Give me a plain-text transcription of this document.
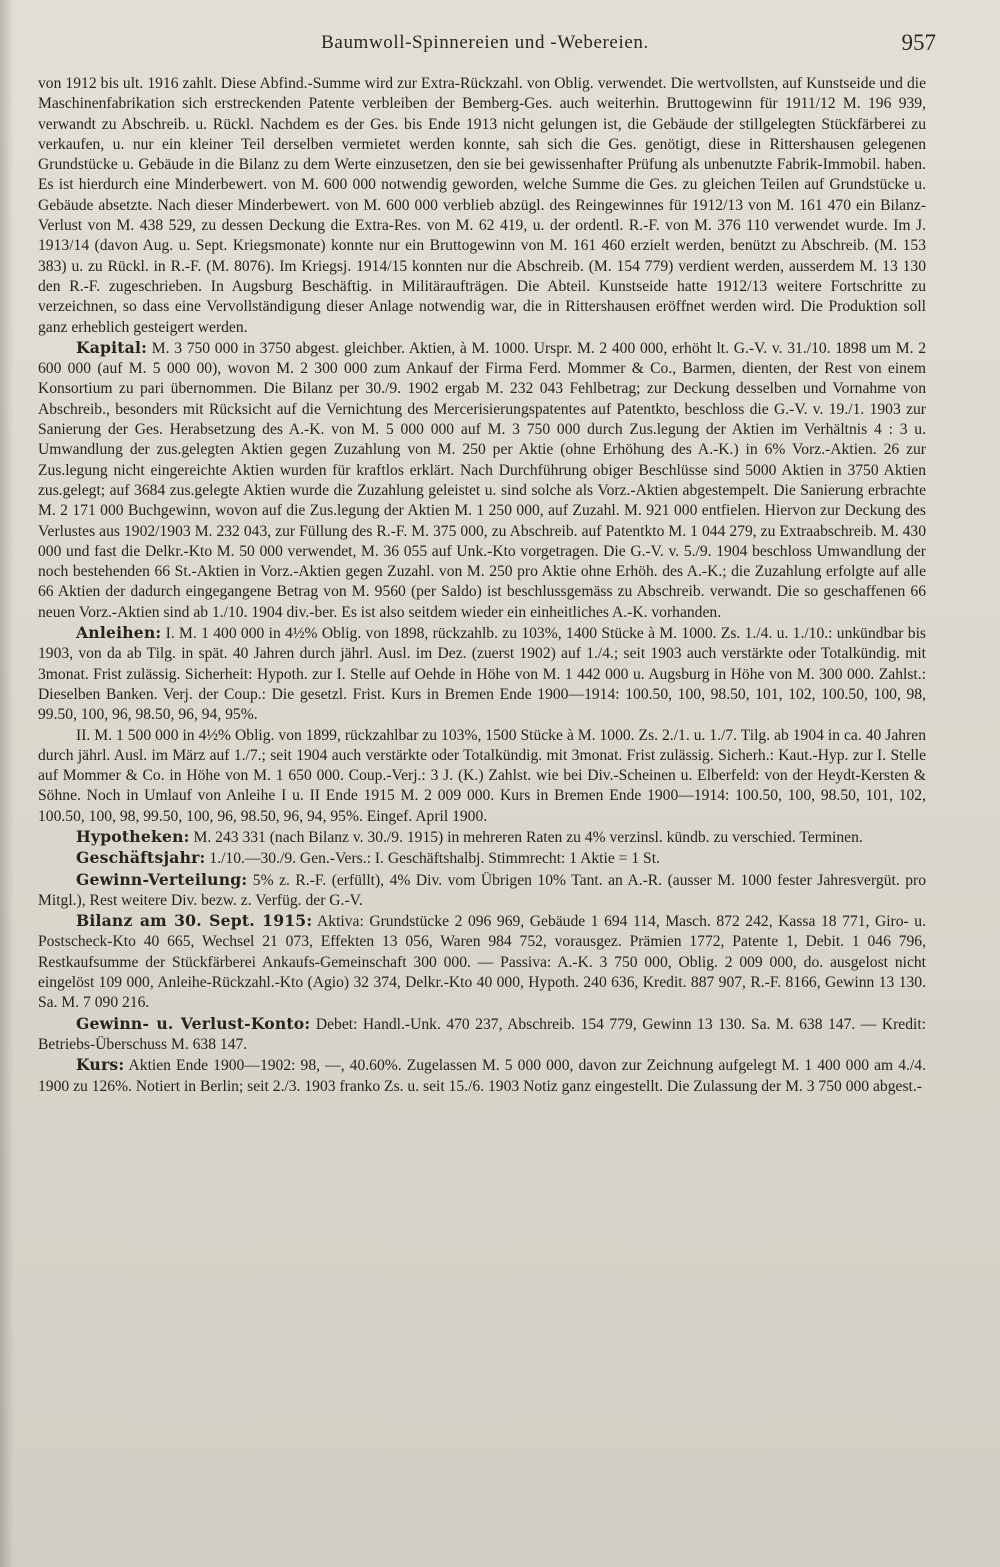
Baumwoll-Spinnereien und -Webereien.	957

von 1912 bis ult. 1916 zahlt. Diese Abfind.-Summe wird zur Extra-Rückzahl. von Oblig. verwendet. Die wertvollsten, auf Kunstseide und die Maschinenfabrikation sich erstreckenden Patente verbleiben der Bemberg-Ges. auch weiterhin. Bruttogewinn für 1911/12 M. 196 939, verwandt zu Abschreib. u. Rückl. Nachdem es der Ges. bis Ende 1913 nicht gelungen ist, die Gebäude der stillgelegten Stückfärberei zu verkaufen, u. nur ein kleiner Teil derselben vermietet werden konnte, sah sich die Ges. genötigt, diese in Rittershausen gelegenen Grundstücke u. Gebäude in die Bilanz zu dem Werte einzusetzen, den sie bei gewissenhafter Prüfung als unbenutzte Fabrik-Immobil. haben. Es ist hierdurch eine Minderbewert. von M. 600 000 notwendig geworden, welche Summe die Ges. zu gleichen Teilen auf Grundstücke u. Gebäude absetzte. Nach dieser Minderbewert. von M. 600 000 verblieb abzügl. des Reingewinnes für 1912/13 von M. 161 470 ein Bilanz-Verlust von M. 438 529, zu dessen Deckung die Extra-Res. von M. 62 419, u. der ordentl. R.-F. von M. 376 110 verwendet wurde. Im J. 1913/14 (davon Aug. u. Sept. Kriegsmonate) konnte nur ein Bruttogewinn von M. 161 460 erzielt werden, benützt zu Abschreib. (M. 153 383) u. zu Rückl. in R.-F. (M. 8076). Im Kriegsj. 1914/15 konnten nur die Abschreib. (M. 154 779) verdient werden, ausserdem M. 13 130 den R.-F. zugeschrieben. In Augsburg Beschäftig. in Militäraufträgen. Die Abteil. Kunstseide hatte 1912/13 weitere Fortschritte zu verzeichnen, so dass eine Vervollständigung dieser Anlage notwendig war, die in Rittershausen eröffnet werden wird. Die Produktion soll ganz erheblich gesteigert werden.

Kapital: M. 3 750 000 in 3750 abgest. gleichber. Aktien, à M. 1000. Urspr. M. 2 400 000, erhöht lt. G.-V. v. 31./10. 1898 um M. 2 600 000 (auf M. 5 000 00), wovon M. 2 300 000 zum Ankauf der Firma Ferd. Mommer & Co., Barmen, dienten, der Rest von einem Konsortium zu pari übernommen. Die Bilanz per 30./9. 1902 ergab M. 232 043 Fehlbetrag; zur Deckung desselben und Vornahme von Abschreib., besonders mit Rücksicht auf die Vernichtung des Mercerisierungspatentes auf Patentkto, beschloss die G.-V. v. 19./1. 1903 zur Sanierung der Ges. Herabsetzung des A.-K. von M. 5 000 000 auf M. 3 750 000 durch Zus.legung der Aktien im Verhältnis 4 : 3 u. Umwandlung der zus.gelegten Aktien gegen Zuzahlung von M. 250 per Aktie (ohne Erhöhung des A.-K.) in 6% Vorz.-Aktien. 26 zur Zus.legung nicht eingereichte Aktien wurden für kraftlos erklärt. Nach Durchführung obiger Beschlüsse sind 5000 Aktien in 3750 Aktien zus.gelegt; auf 3684 zus.gelegte Aktien wurde die Zuzahlung geleistet u. sind solche als Vorz.-Aktien abgestempelt. Die Sanierung erbrachte M. 2 171 000 Buchgewinn, wovon auf die Zus.legung der Aktien M. 1 250 000, auf Zuzahl. M. 921 000 entfielen. Hiervon zur Deckung des Verlustes aus 1902/1903 M. 232 043, zur Füllung des R.-F. M. 375 000, zu Abschreib. auf Patentkto M. 1 044 279, zu Extraabschreib. M. 430 000 und fast die Delkr.-Kto M. 50 000 verwendet, M. 36 055 auf Unk.-Kto vorgetragen. Die G.-V. v. 5./9. 1904 beschloss Umwandlung der noch bestehenden 66 St.-Aktien in Vorz.-Aktien gegen Zuzahl. von M. 250 pro Aktie ohne Erhöh. des A.-K.; die Zuzahlung erfolgte auf alle 66 Aktien der dadurch eingegangene Betrag von M. 9560 (per Saldo) ist beschlussgemäss zu Abschreib. verwandt. Die so geschaffenen 66 neuen Vorz.-Aktien sind ab 1./10. 1904 div.-ber. Es ist also seitdem wieder ein einheitliches A.-K. vorhanden.

Anleihen: I. M. 1 400 000 in 4½% Oblig. von 1898, rückzahlb. zu 103%, 1400 Stücke à M. 1000. Zs. 1./4. u. 1./10.: unkündbar bis 1903, von da ab Tilg. in spät. 40 Jahren durch jährl. Ausl. im Dez. (zuerst 1902) auf 1./4.; seit 1903 auch verstärkte oder Totalkündig. mit 3monat. Frist zulässig. Sicherheit: Hypoth. zur I. Stelle auf Oehde in Höhe von M. 1 442 000 u. Augsburg in Höhe von M. 300 000. Zahlst.: Dieselben Banken. Verj. der Coup.: Die gesetzl. Frist. Kurs in Bremen Ende 1900—1914: 100.50, 100, 98.50, 101, 102, 100.50, 100, 98, 99.50, 100, 96, 98.50, 96, 94, 95%.

II. M. 1 500 000 in 4½% Oblig. von 1899, rückzahlbar zu 103%, 1500 Stücke à M. 1000. Zs. 2./1. u. 1./7. Tilg. ab 1904 in ca. 40 Jahren durch jährl. Ausl. im März auf 1./7.; seit 1904 auch verstärkte oder Totalkündig. mit 3monat. Frist zulässig. Sicherh.: Kaut.-Hyp. zur I. Stelle auf Mommer & Co. in Höhe von M. 1 650 000. Coup.-Verj.: 3 J. (K.) Zahlst. wie bei Div.-Scheinen u. Elberfeld: von der Heydt-Kersten & Söhne. Noch in Umlauf von Anleihe I u. II Ende 1915 M. 2 009 000. Kurs in Bremen Ende 1900—1914: 100.50, 100, 98.50, 101, 102, 100.50, 100, 98, 99.50, 100, 96, 98.50, 96, 94, 95%. Eingef. April 1900.

Hypotheken: M. 243 331 (nach Bilanz v. 30./9. 1915) in mehreren Raten zu 4% verzinsl. kündb. zu verschied. Terminen.

Geschäftsjahr: 1./10.—30./9. Gen.-Vers.: I. Geschäftshalbj. Stimmrecht: 1 Aktie = 1 St.

Gewinn-Verteilung: 5% z. R.-F. (erfüllt), 4% Div. vom Übrigen 10% Tant. an A.-R. (ausser M. 1000 fester Jahresvergüt. pro Mitgl.), Rest weitere Div. bezw. z. Verfüg. der G.-V.

Bilanz am 30. Sept. 1915: Aktiva: Grundstücke 2 096 969, Gebäude 1 694 114, Masch. 872 242, Kassa 18 771, Giro- u. Postscheck-Kto 40 665, Wechsel 21 073, Effekten 13 056, Waren 984 752, vorausgez. Prämien 1772, Patente 1, Debit. 1 046 796, Restkaufsumme der Stückfärberei Ankaufs-Gemeinschaft 300 000. — Passiva: A.-K. 3 750 000, Oblig. 2 009 000, do. ausgelost nicht eingelöst 109 000, Anleihe-Rückzahl.-Kto (Agio) 32 374, Delkr.-Kto 40 000, Hypoth. 240 636, Kredit. 887 907, R.-F. 8166, Gewinn 13 130. Sa. M. 7 090 216.

Gewinn- u. Verlust-Konto: Debet: Handl.-Unk. 470 237, Abschreib. 154 779, Gewinn 13 130. Sa. M. 638 147. — Kredit: Betriebs-Überschuss M. 638 147.

Kurs: Aktien Ende 1900—1902: 98, —, 40.60%. Zugelassen M. 5 000 000, davon zur Zeichnung aufgelegt M. 1 400 000 am 4./4. 1900 zu 126%. Notiert in Berlin; seit 2./3. 1903 franko Zs. u. seit 15./6. 1903 Notiz ganz eingestellt. Die Zulassung der M. 3 750 000 abgest.-
